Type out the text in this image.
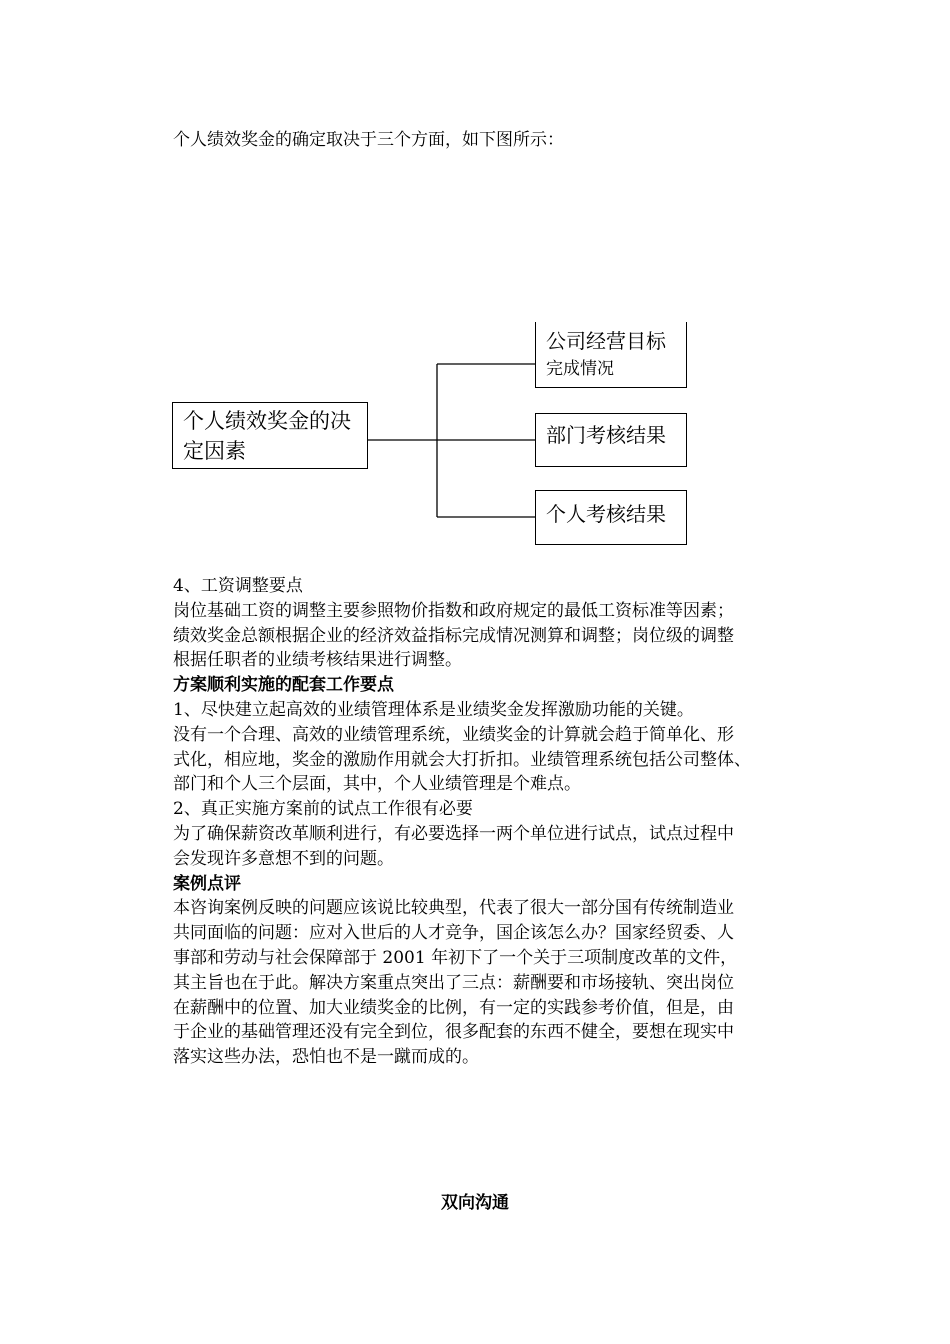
个人绩效奖金的确定取决于三个方面，如下图所示：
个人绩效奖金的决
定因素
公司经营目标
完成情况
部门考核结果
个人考核结果

4、工资调整要点

岗位基础工资的调整主要参照物价指数和政府规定的最低工资标准等因素；

绩效奖金总额根据企业的经济效益指标完成情况测算和调整；岗位级的调整

根据任职者的业绩考核结果进行调整。

方案顺利实施的配套工作要点

1、尽快建立起高效的业绩管理体系是业绩奖金发挥激励功能的关键。

没有一个合理、高效的业绩管理系统，业绩奖金的计算就会趋于简单化、形

式化，相应地，奖金的激励作用就会大打折扣。业绩管理系统包括公司整体、

部门和个人三个层面，其中，个人业绩管理是个难点。

2、真正实施方案前的试点工作很有必要

为了确保薪资改革顺利进行，有必要选择一两个单位进行试点，试点过程中

会发现许多意想不到的问题。

案例点评

本咨询案例反映的问题应该说比较典型，代表了很大一部分国有传统制造业

共同面临的问题：应对入世后的人才竞争，国企该怎么办？国家经贸委、人

事部和劳动与社会保障部于 2001 年初下了一个关于三项制度改革的文件，

其主旨也在于此。解决方案重点突出了三点：薪酬要和市场接轨、突出岗位

在薪酬中的位置、加大业绩奖金的比例，有一定的实践参考价值，但是，由

于企业的基础管理还没有完全到位，很多配套的东西不健全，要想在现实中

落实这些办法，恐怕也不是一蹴而成的。

双向沟通
